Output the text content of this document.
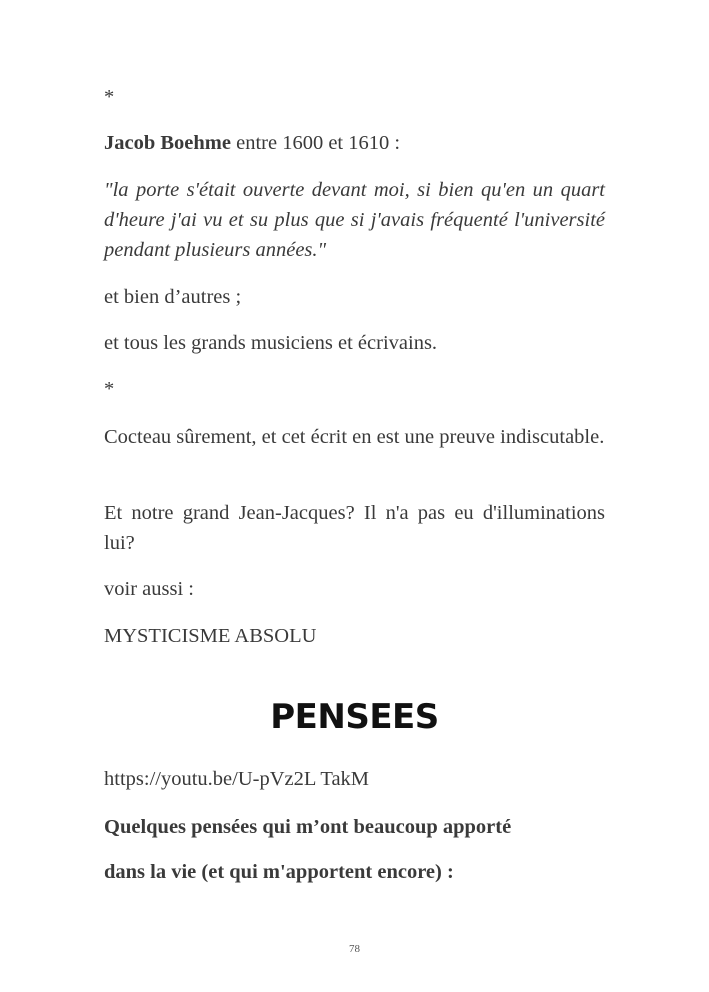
*

Jacob Boehme entre 1600 et 1610 :

"la porte s'était ouverte devant moi, si bien qu'en un quart d'heure j'ai vu et su plus que si j'avais fréquenté l'université pendant plusieurs années."

et bien d’autres ;

et tous les grands musiciens et écrivains.

*

Cocteau sûrement, et cet écrit en est une preuve indiscutable.

Et notre grand Jean-Jacques? Il n'a pas eu d'illuminations lui?

voir aussi :

MYSTICISME ABSOLU

PENSEES

https://youtu.be/U-pVz2L TakM

Quelques pensées qui m’ont beaucoup apporté

dans la vie (et qui m'apportent encore) :

78
